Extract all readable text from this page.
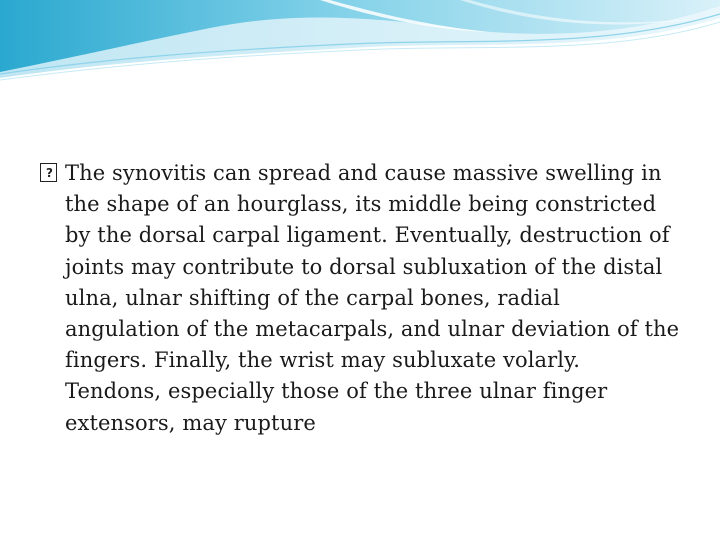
? The synovitis can spread and cause massive swelling in the shape of an hourglass, its middle being constricted by the dorsal carpal ligament. Eventually, destruction of joints may contribute to dorsal subluxation of the distal ulna, ulnar shifting of the carpal bones, radial angulation of the metacarpals, and ulnar deviation of the fingers. Finally, the wrist may subluxate volarly. Tendons, especially those of the three ulnar finger extensors, may rupture
